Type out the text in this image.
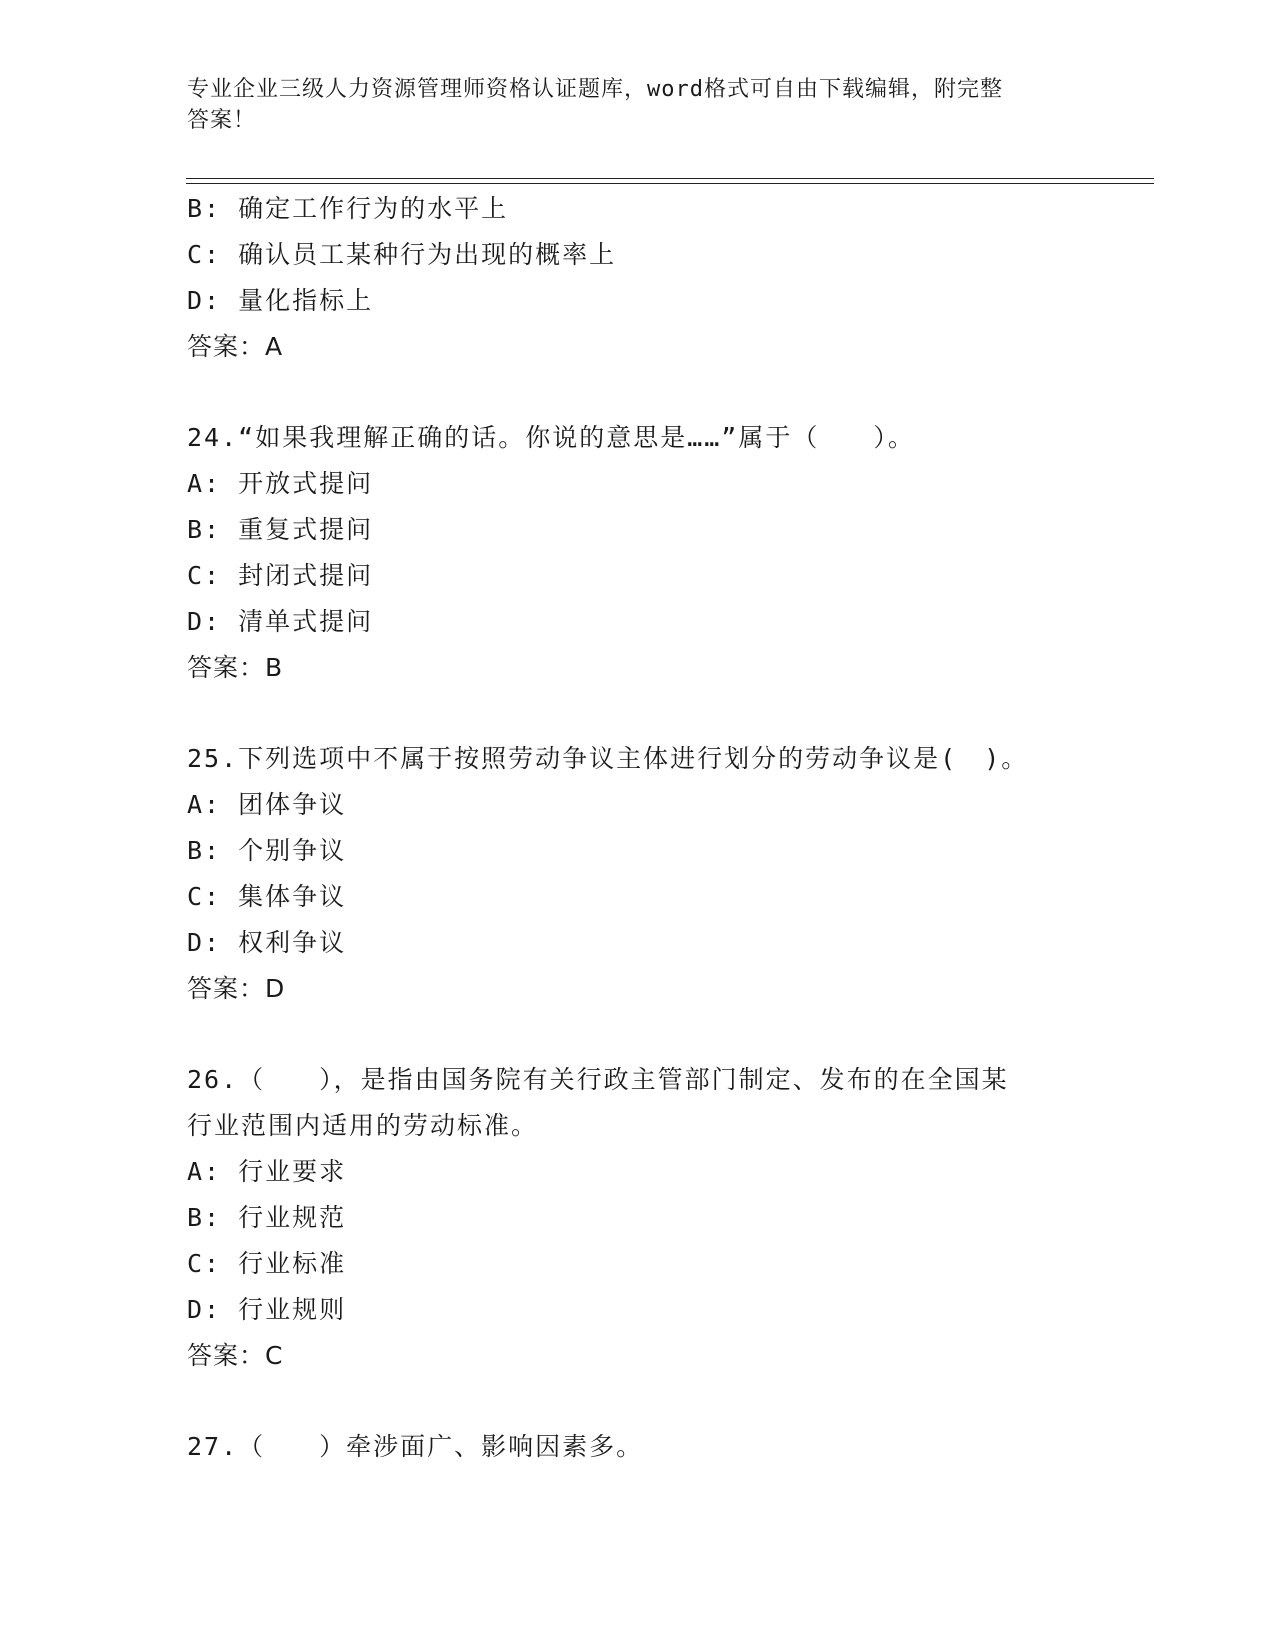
专业企业三级人力资源管理师资格认证题库，word格式可自由下载编辑，附完整
答案！
B: 确定工作行为的水平上
C: 确认员工某种行为出现的概率上
D: 量化指标上
答案：A
24.“如果我理解正确的话。你说的意思是……”属于（　　）。
A: 开放式提问
B: 重复式提问
C: 封闭式提问
D: 清单式提问
答案：B
25.下列选项中不属于按照劳动争议主体进行划分的劳动争议是(　)。
A: 团体争议
B: 个别争议
C: 集体争议
D: 权利争议
答案：D
26.（　　），是指由国务院有关行政主管部门制定、发布的在全国某
行业范围内适用的劳动标准。
A: 行业要求
B: 行业规范
C: 行业标准
D: 行业规则
答案：C
27.（　　）牵涉面广、影响因素多。
